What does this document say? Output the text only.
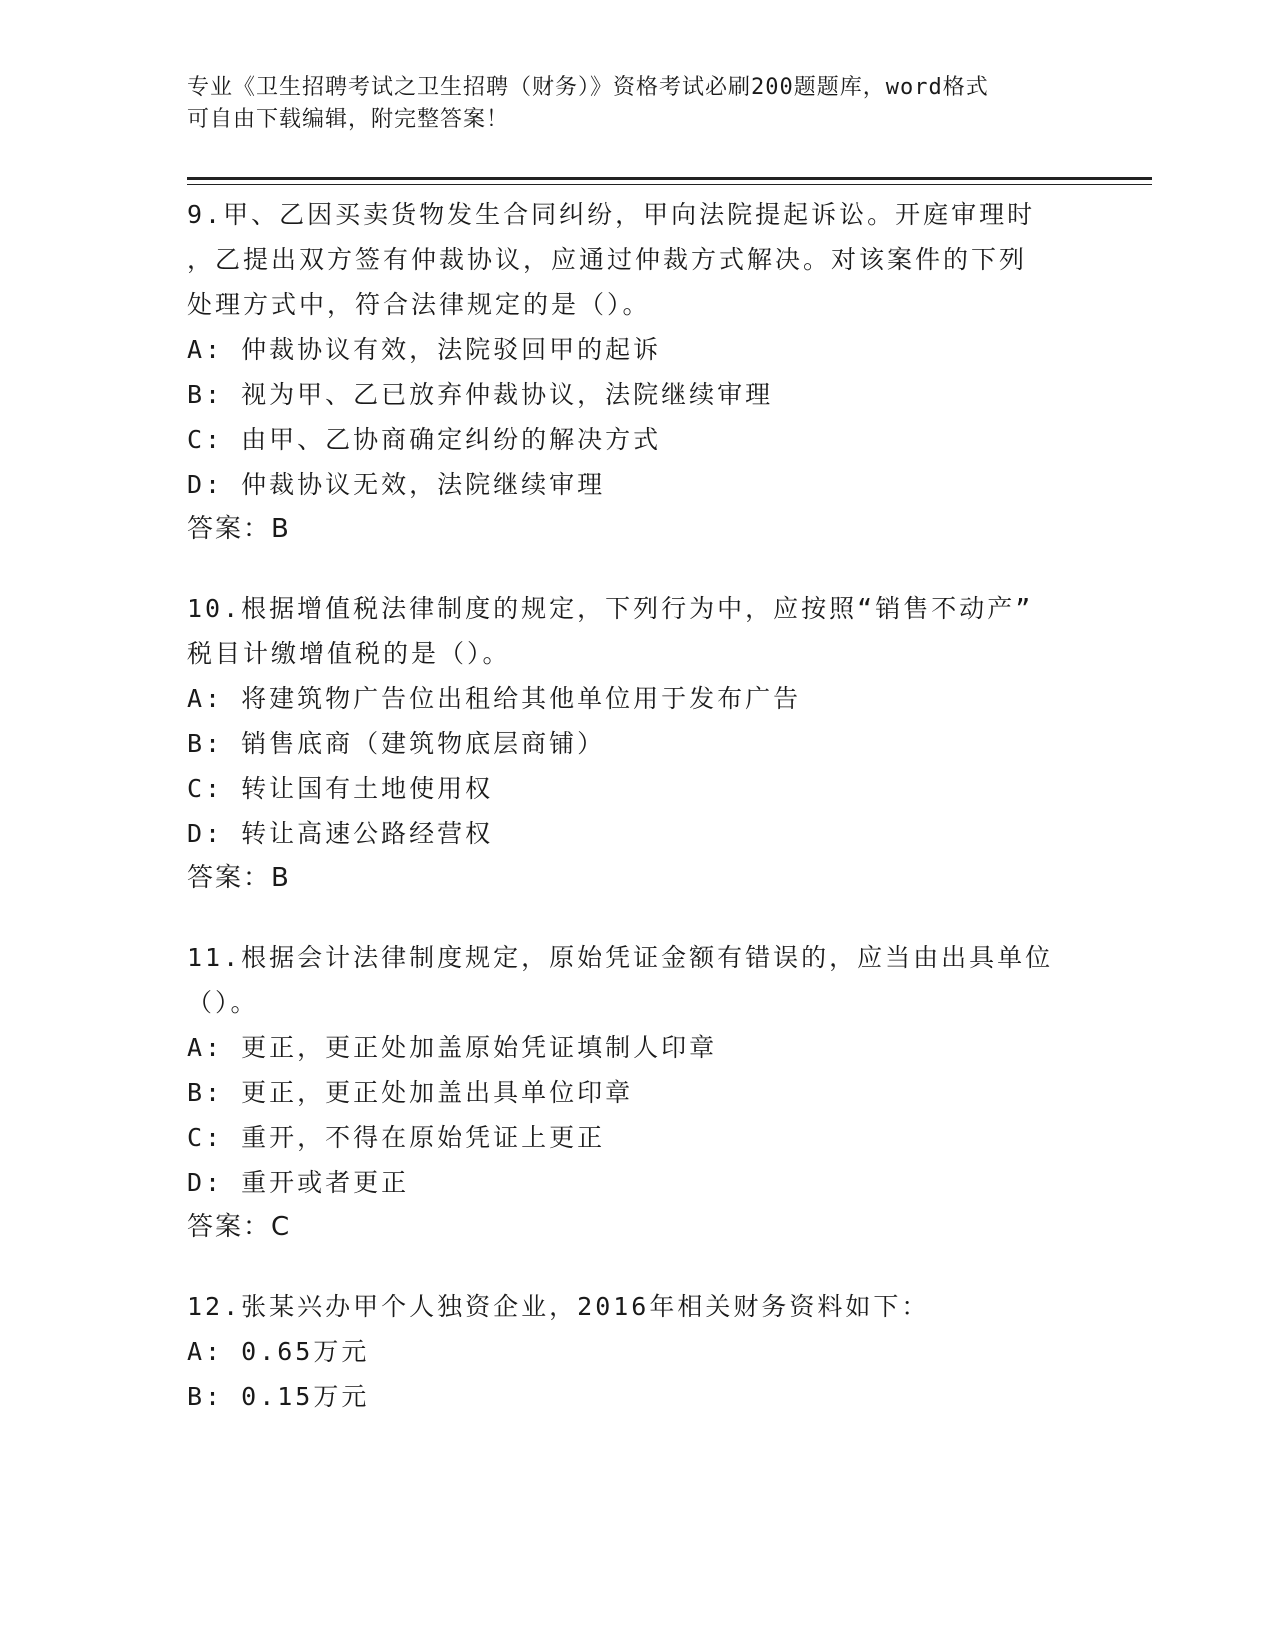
专业《卫生招聘考试之卫生招聘（财务）》资格考试必刷200题题库，word格式
可自由下载编辑，附完整答案！
9.甲、乙因买卖货物发生合同纠纷，甲向法院提起诉讼。开庭审理时
，乙提出双方签有仲裁协议，应通过仲裁方式解决。对该案件的下列
处理方式中，符合法律规定的是（）。
A: 仲裁协议有效，法院驳回甲的起诉
B: 视为甲、乙已放弃仲裁协议，法院继续审理
C: 由甲、乙协商确定纠纷的解决方式
D: 仲裁协议无效，法院继续审理
答案：B
10.根据增值税法律制度的规定，下列行为中，应按照“销售不动产”
税目计缴增值税的是（）。
A: 将建筑物广告位出租给其他单位用于发布广告
B: 销售底商（建筑物底层商铺）
C: 转让国有土地使用权
D: 转让高速公路经营权
答案：B
11.根据会计法律制度规定，原始凭证金额有错误的，应当由出具单位
（）。
A: 更正，更正处加盖原始凭证填制人印章
B: 更正，更正处加盖出具单位印章
C: 重开，不得在原始凭证上更正
D: 重开或者更正
答案：C
12.张某兴办甲个人独资企业，2016年相关财务资料如下：
A: 0.65万元
B: 0.15万元
